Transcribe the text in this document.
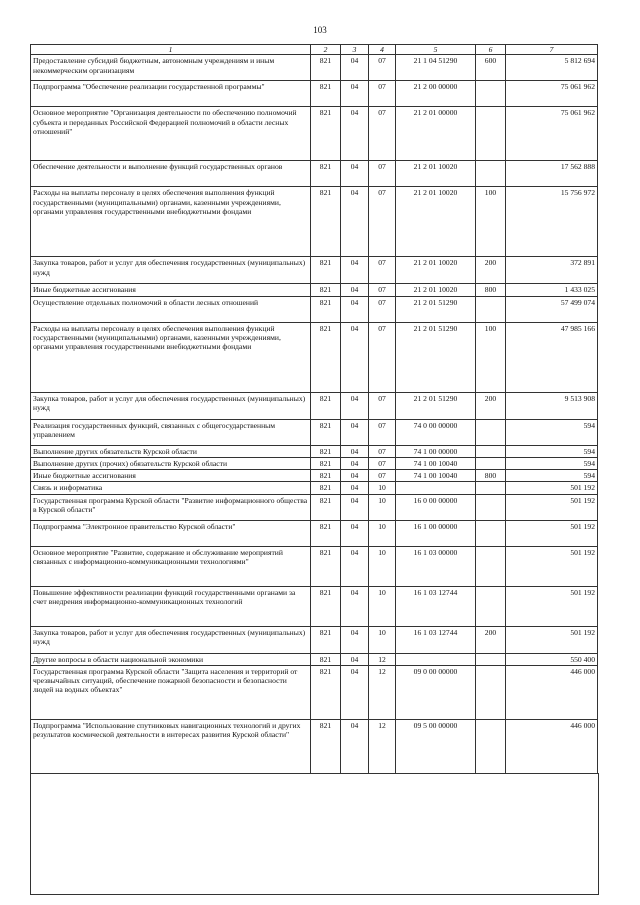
103
1	2	3	4	5	6	7
Предоставление субсидий бюджетным, автономным учреждениям и иным некоммерческим организациям	821	04	07	21 1 04 51290	600	5 812 694
Подпрограмма "Обеспечение реализации государственной программы"	821	04	07	21 2 00 00000		75 061 962
Основное мероприятие "Организация деятельности по обеспечению полномочий субъекта и переданных Российской Федерацией полномочий в области лесных отношений"	821	04	07	21 2 01 00000		75 061 962
Обеспечение деятельности и выполнение функций государственных органов	821	04	07	21 2 01 10020		17 562 888
Расходы на выплаты персоналу в целях обеспечения выполнения функций государственными (муниципальными) органами, казенными учреждениями, органами управления государственными внебюджетными фондами	821	04	07	21 2 01 10020	100	15 756 972
Закупка товаров, работ и услуг для обеспечения государственных (муниципальных) нужд	821	04	07	21 2 01 10020	200	372 891
Иные бюджетные ассигнования	821	04	07	21 2 01 10020	800	1 433 025
Осуществление отдельных полномочий в области лесных отношений	821	04	07	21 2 01 51290		57 499 074
Расходы на выплаты персоналу в целях обеспечения выполнения функций государственными (муниципальными) органами, казенными учреждениями, органами управления государственными внебюджетными фондами	821	04	07	21 2 01 51290	100	47 985 166
Закупка товаров, работ и услуг для обеспечения государственных (муниципальных) нужд	821	04	07	21 2 01 51290	200	9 513 908
Реализация государственных функций, связанных с общегосударственным управлением	821	04	07	74 0 00 00000		594
Выполнение других обязательств Курской области	821	04	07	74 1 00 00000		594
Выполнение других (прочих) обязательств Курской области	821	04	07	74 1 00 10040		594
Иные бюджетные ассигнования	821	04	07	74 1 00 10040	800	594
Связь и информатика	821	04	10			501 192
Государственная программа Курской области "Развитие информационного общества в Курской области"	821	04	10	16 0 00 00000		501 192
Подпрограмма "Электронное правительство Курской области"	821	04	10	16 1 00 00000		501 192
Основное мероприятие "Развитие, содержание и обслуживание мероприятий связанных с информационно-коммуникационными технологиями"	821	04	10	16 1 03 00000		501 192
Повышение эффективности реализации функций государственными органами за счет внедрения информационно-коммуникационных технологий	821	04	10	16 1 03 12744		501 192
Закупка товаров, работ и услуг для обеспечения государственных (муниципальных) нужд	821	04	10	16 1 03 12744	200	501 192
Другие вопросы в области национальной экономики	821	04	12			550 400
Государственная программа Курской области "Защита населения и территорий от чрезвычайных ситуаций, обеспечение пожарной безопасности и безопасности людей на водных объектах"	821	04	12	09 0 00 00000		446 000
Подпрограмма "Использование спутниковых навигационных технологий и других результатов космической деятельности в интересах развития Курской области"	821	04	12	09 5 00 00000		446 000
